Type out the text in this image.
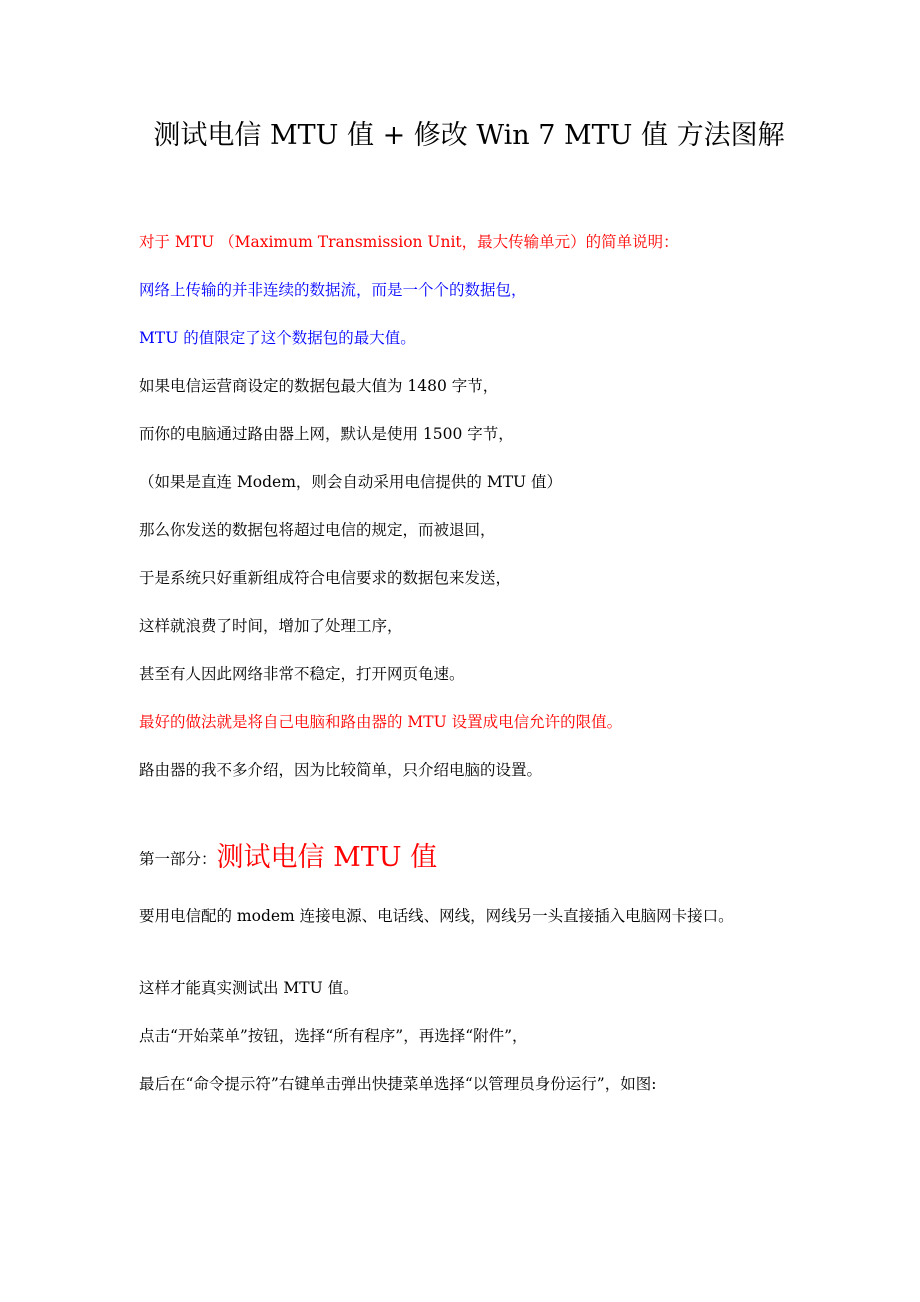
测试电信 MTU 值 + 修改 Win 7 MTU 值 方法图解
对于 MTU （Maximum Transmission Unit，最大传输单元）的简单说明：
网络上传输的并非连续的数据流，而是一个个的数据包，
MTU 的值限定了这个数据包的最大值。
如果电信运营商设定的数据包最大值为 1480 字节，
而你的电脑通过路由器上网，默认是使用 1500 字节，
（如果是直连 Modem，则会自动采用电信提供的 MTU 值）
那么你发送的数据包将超过电信的规定，而被退回，
于是系统只好重新组成符合电信要求的数据包来发送，
这样就浪费了时间，增加了处理工序，
甚至有人因此网络非常不稳定，打开网页龟速。
最好的做法就是将自己电脑和路由器的 MTU 设置成电信允许的限值。
路由器的我不多介绍，因为比较简单，只介绍电脑的设置。
第一部分：测试电信 MTU 值
要用电信配的 modem 连接电源、电话线、网线，网线另一头直接插入电脑网卡接口。
这样才能真实测试出 MTU 值。
点击“开始菜单”按钮，选择“所有程序”，再选择“附件”，
最后在“命令提示符”右键单击弹出快捷菜单选择“以管理员身份运行”，如图:
